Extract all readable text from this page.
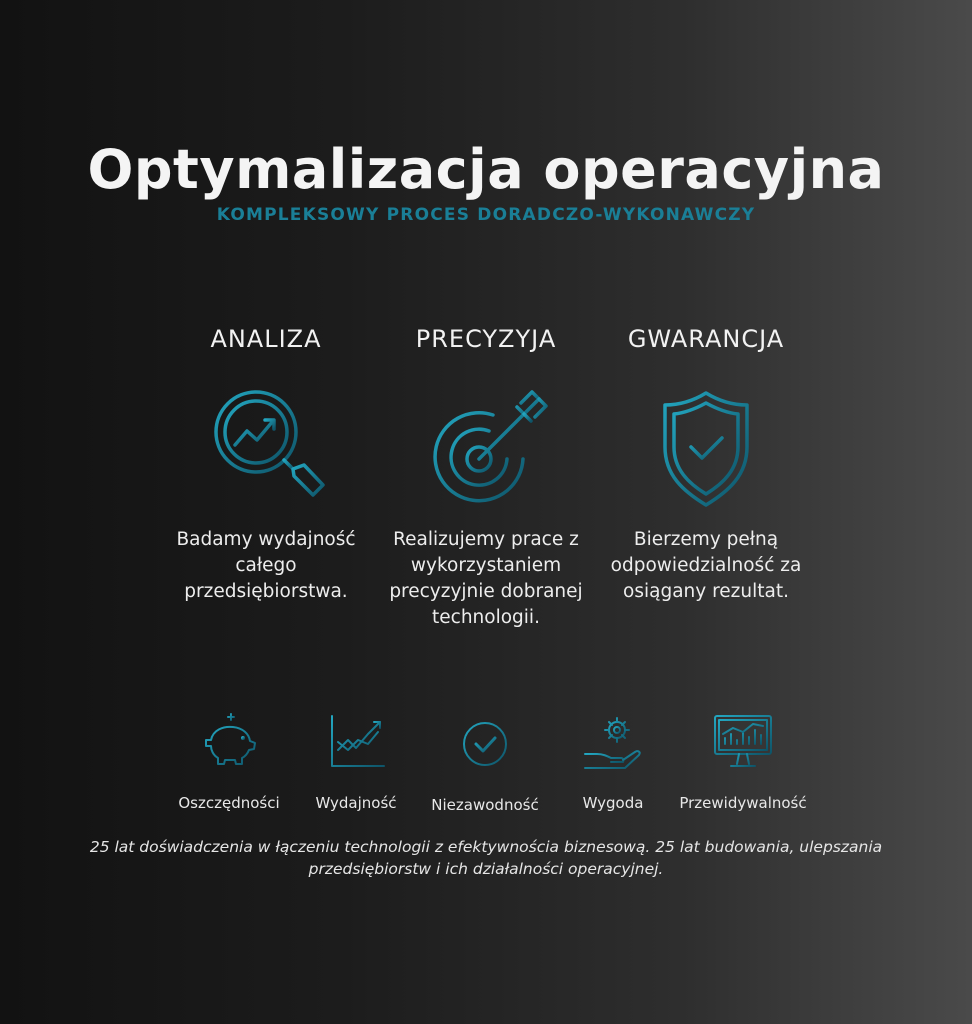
Optymalizacja operacyjna
KOMPLEKSOWY PROCES DORADCZO-WYKONAWCZY
ANALIZA
Badamy wydajność całego przedsiębiorstwa.
PRECYZYJA
Realizujemy prace z wykorzystaniem precyzyjnie dobranej technologii.
GWARANCJA
Bierzemy pełną odpowiedzialność za osiągany rezultat.
Oszczędności	Wydajność	Niezawodność	Wygoda	Przewidywalność
25 lat doświadczenia w łączeniu technologii z efektywnościa biznesową. 25 lat budowania, ulepszania przedsiębiorstw i ich działalności operacyjnej.
